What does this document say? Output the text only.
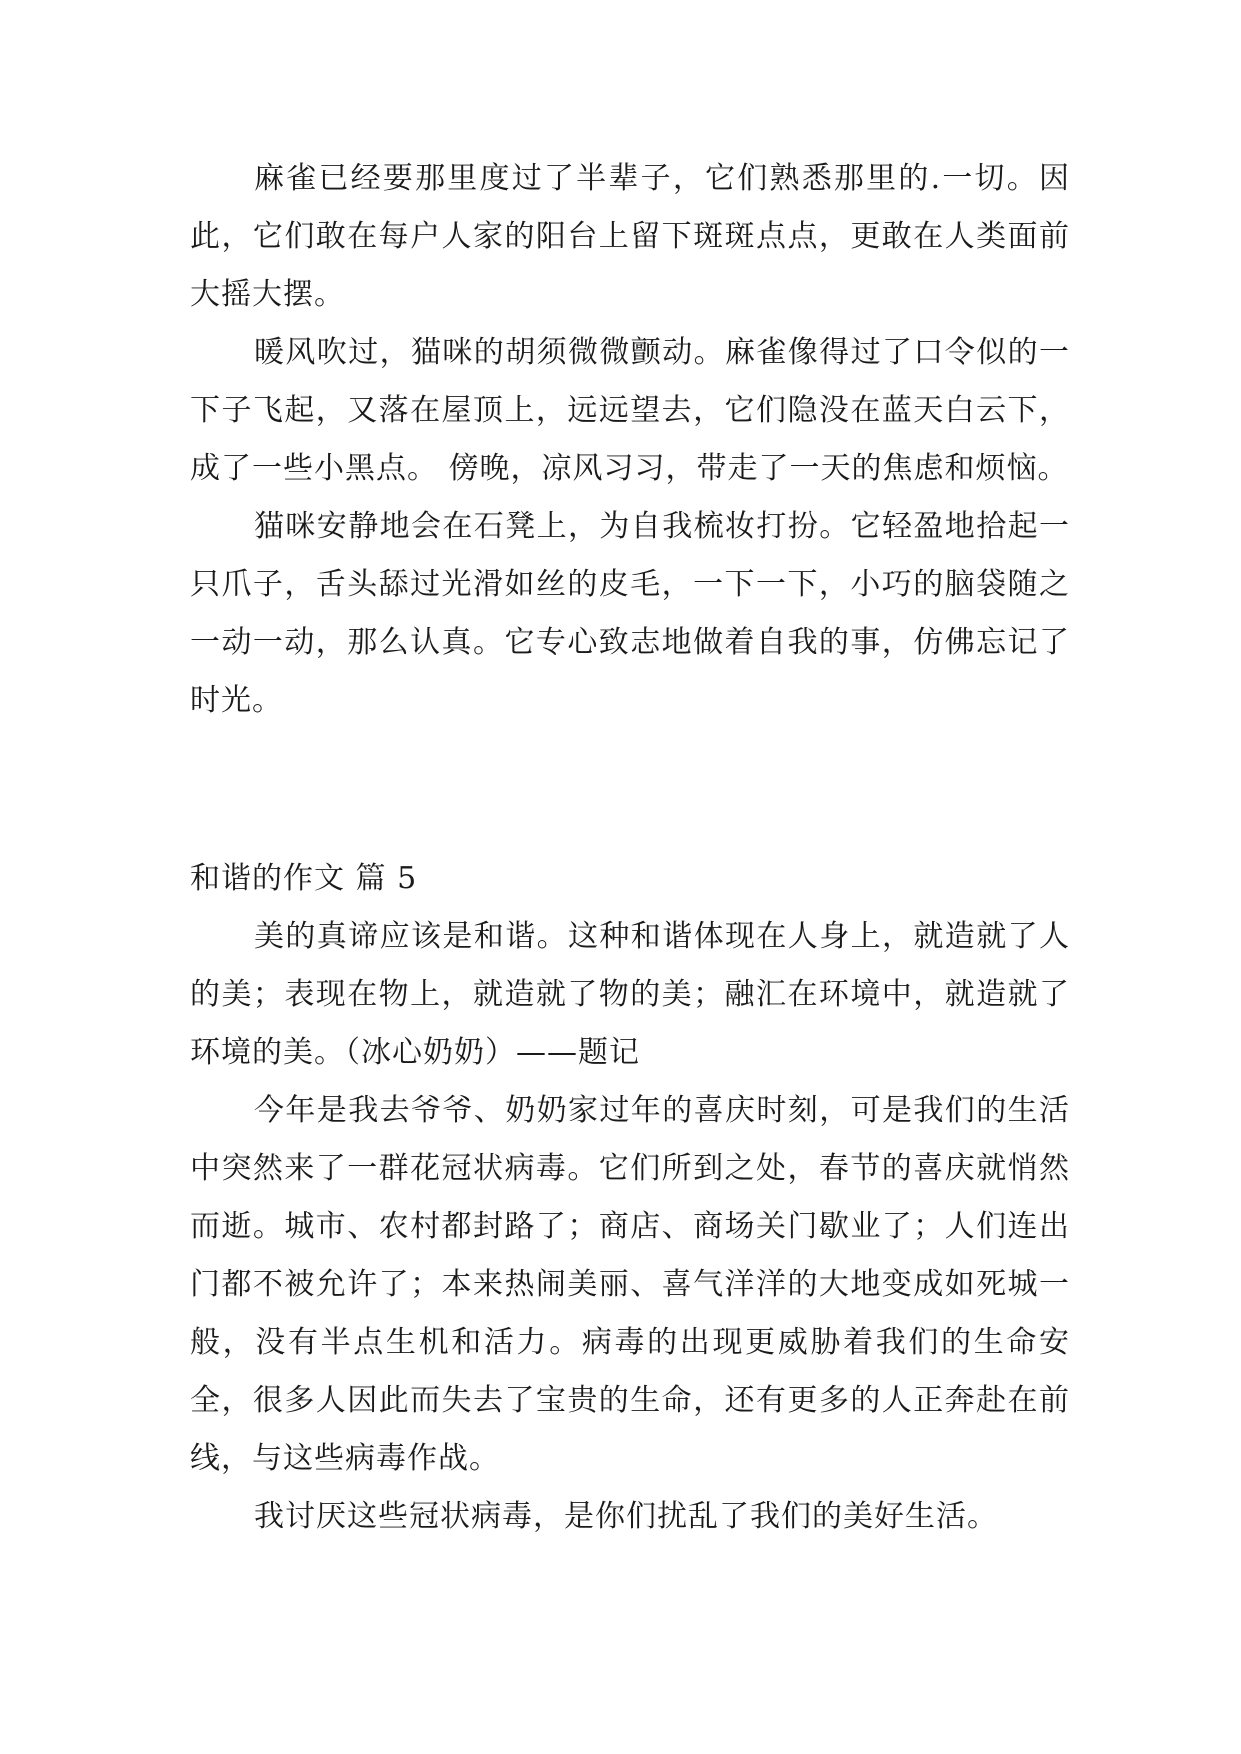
麻雀已经要那里度过了半辈子，它们熟悉那里的.一切。因此，它们敢在每户人家的阳台上留下斑斑点点，更敢在人类面前大摇大摆。

暖风吹过，猫咪的胡须微微颤动。麻雀像得过了口令似的一下子飞起，又落在屋顶上，远远望去，它们隐没在蓝天白云下，成了一些小黑点。 傍晚，凉风习习，带走了一天的焦虑和烦恼。

猫咪安静地会在石凳上，为自我梳妆打扮。它轻盈地拾起一只爪子，舌头舔过光滑如丝的皮毛，一下一下，小巧的脑袋随之一动一动，那么认真。它专心致志地做着自我的事，仿佛忘记了时光。

和谐的作文 篇 5

美的真谛应该是和谐。这种和谐体现在人身上，就造就了人的美；表现在物上，就造就了物的美；融汇在环境中，就造就了环境的美。（冰心奶奶）——题记

今年是我去爷爷、奶奶家过年的喜庆时刻，可是我们的生活中突然来了一群花冠状病毒。它们所到之处，春节的喜庆就悄然而逝。城市、农村都封路了；商店、商场关门歇业了；人们连出门都不被允许了；本来热闹美丽、喜气洋洋的大地变成如死城一般，没有半点生机和活力。病毒的出现更威胁着我们的生命安全，很多人因此而失去了宝贵的生命，还有更多的人正奔赴在前线，与这些病毒作战。

我讨厌这些冠状病毒，是你们扰乱了我们的美好生活。
